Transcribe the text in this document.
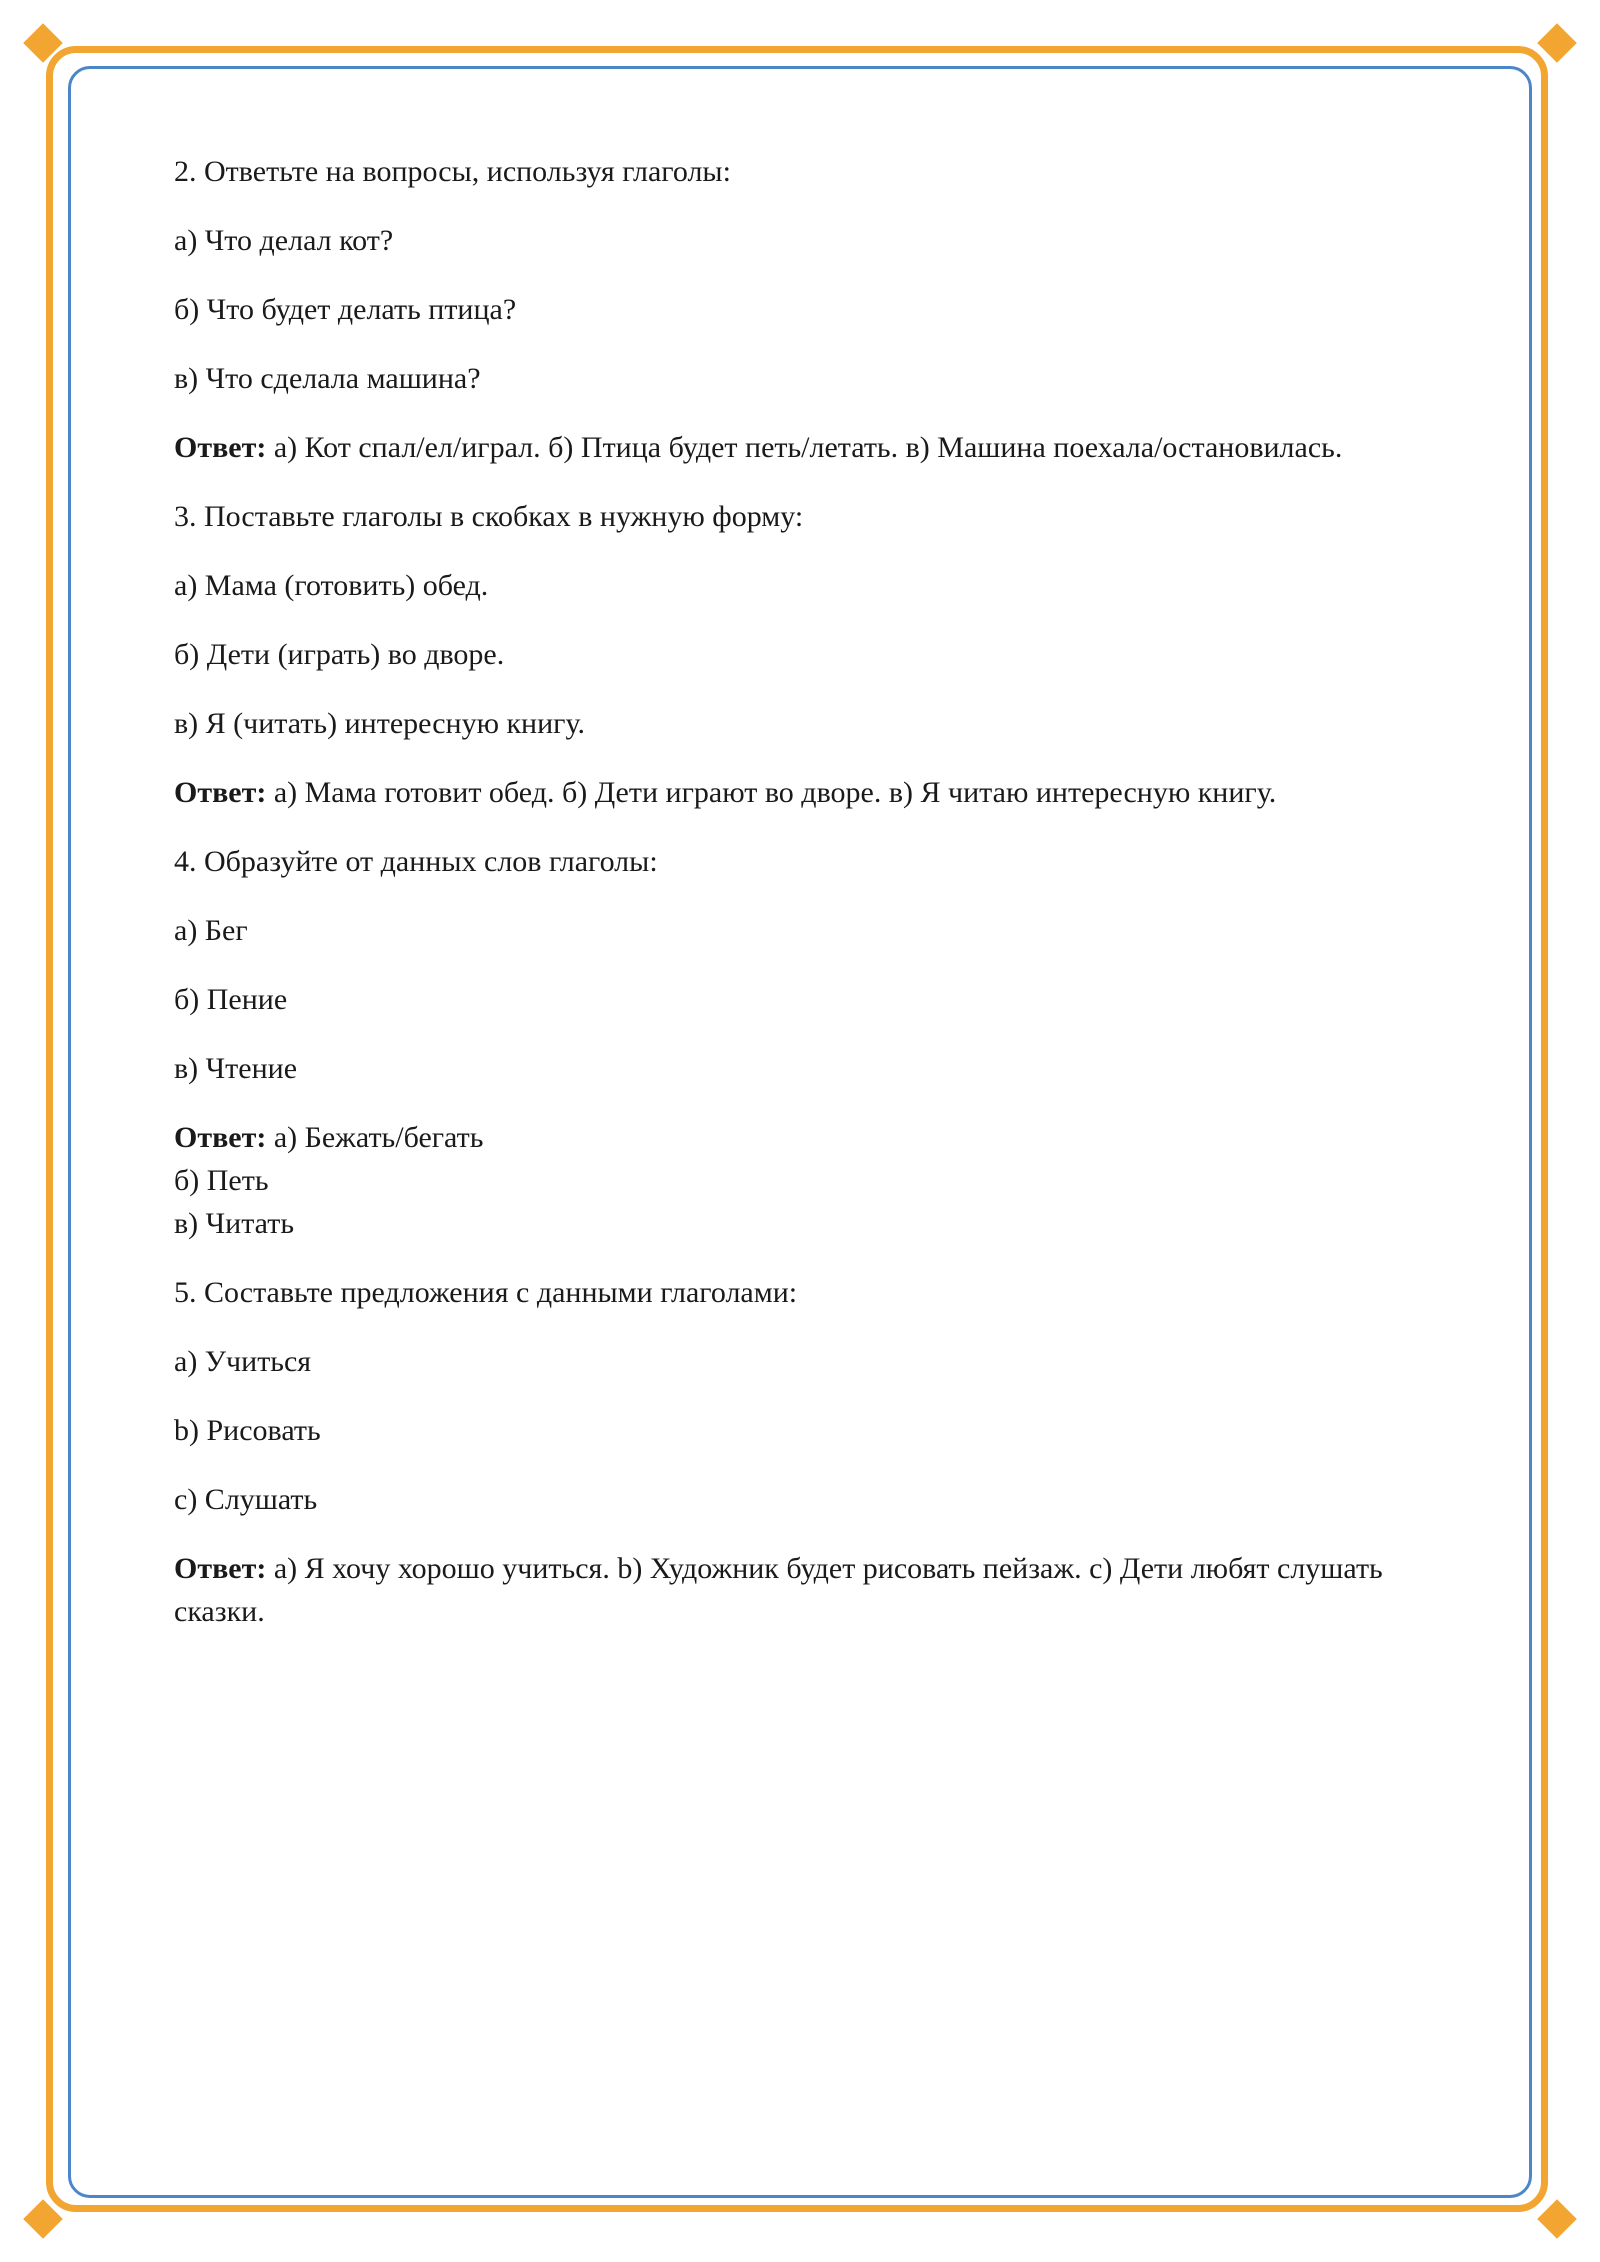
2. Ответьте на вопросы, используя глаголы:

а) Что делал кот?

б) Что будет делать птица?

в) Что сделала машина?

Ответ: а) Кот спал/ел/играл. б) Птица будет петь/летать. в) Машина поехала/остановилась.

3. Поставьте глаголы в скобках в нужную форму:

а) Мама (готовить) обед.

б) Дети (играть) во дворе.

в) Я (читать) интересную книгу.

Ответ: а) Мама готовит обед. б) Дети играют во дворе. в) Я читаю интересную книгу.

4. Образуйте от данных слов глаголы:

а) Бег

б) Пение

в) Чтение

Ответ: а) Бежать/бегать
б) Петь
в) Читать

5. Составьте предложения с данными глаголами:

а) Учиться

b) Рисовать

c) Слушать

Ответ: а) Я хочу хорошо учиться. b) Художник будет рисовать пейзаж. c) Дети любят слушать сказки.
